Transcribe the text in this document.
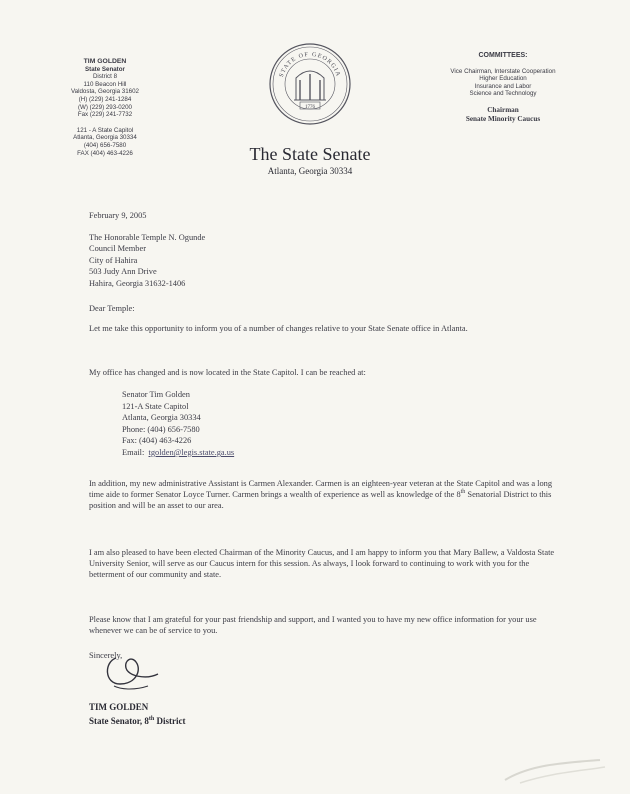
TIM GOLDEN
State Senator
District 8
110 Beacon Hill
Valdosta, Georgia 31602
(H) (229) 241-1284
(W) (229) 293-0200
Fax (229) 241-7732
121 - A State Capitol
Atlanta, Georgia 30334
(404) 656-7580
FAX (404) 463-4226
STATE OF GEORGIA
1776
COMMITTEES:
Vice Chairman, Interstate Cooperation
Higher Education
Insurance and Labor
Science and Technology
Chairman
Senate Minority Caucus
The State Senate
Atlanta, Georgia 30334
February 9, 2005
The Honorable Temple N. Ogunde
Council Member
City of Hahira
503 Judy Ann Drive
Hahira, Georgia 31632-1406
Dear Temple:
Let me take this opportunity to inform you of a number of changes relative to your State Senate office in Atlanta.
My office has changed and is now located in the State Capitol. I can be reached at:
Senator Tim Golden
121-A State Capitol
Atlanta, Georgia 30334
Phone: (404) 656-7580
Fax: (404) 463-4226
Email: tgolden@legis.state.ga.us
In addition, my new administrative Assistant is Carmen Alexander. Carmen is an eighteen-year veteran at the State Capitol and was a long time aide to former Senator Loyce Turner. Carmen brings a wealth of experience as well as knowledge of the 8th Senatorial District to this position and will be an asset to our area.
I am also pleased to have been elected Chairman of the Minority Caucus, and I am happy to inform you that Mary Ballew, a Valdosta State University Senior, will serve as our Caucus intern for this session. As always, I look forward to continuing to work with you for the betterment of our community and state.
Please know that I am grateful for your past friendship and support, and I wanted you to have my new office information for your use whenever we can be of service to you.
Sincerely,
TIM GOLDEN
State Senator, 8th District
